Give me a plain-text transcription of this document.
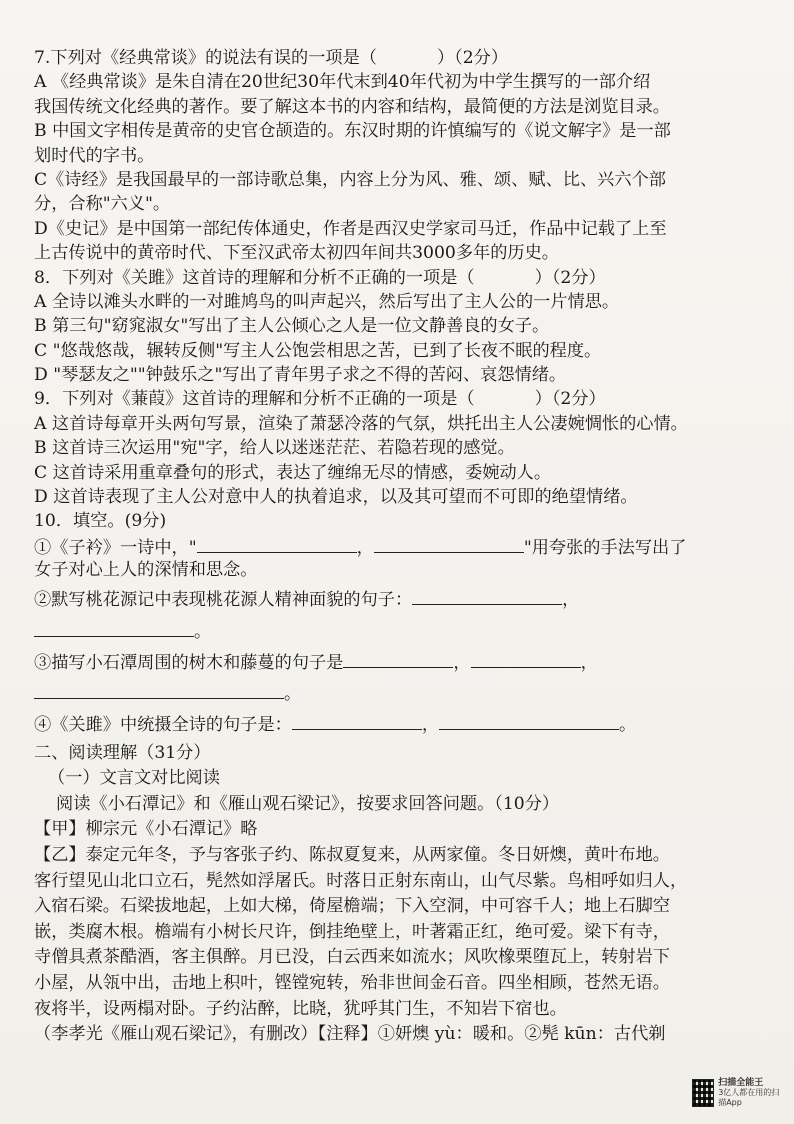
7.下列对《经典常谈》的说法有误的一项是（	）（2分）
A 《经典常谈》是朱自清在20世纪30年代末到40年代初为中学生撰写的一部介绍
我国传统文化经典的著作。要了解这本书的内容和结构，最简便的方法是浏览目录。
B 中国文字相传是黄帝的史官仓颉造的。东汉时期的许慎编写的《说文解字》是一部
划时代的字书。
C《诗经》是我国最早的一部诗歌总集，内容上分为风、雅、颂、赋、比、兴六个部
分，合称"六义"。
D《史记》是中国第一部纪传体通史，作者是西汉史学家司马迁，作品中记载了上至
上古传说中的黄帝时代、下至汉武帝太初四年间共3000多年的历史。
8．下列对《关雎》这首诗的理解和分析不正确的一项是（	）（2分）
A 全诗以滩头水畔的一对雎鸠鸟的叫声起兴，然后写出了主人公的一片情思。
B 第三句"窈窕淑女"写出了主人公倾心之人是一位文静善良的女子。
C "悠哉悠哉，辗转反侧"写主人公饱尝相思之苦，已到了长夜不眠的程度。
D "琴瑟友之""钟鼓乐之"写出了青年男子求之不得的苦闷、哀怨情绪。
9．下列对《蒹葭》这首诗的理解和分析不正确的一项是（	）（2分）
A 这首诗每章开头两句写景，渲染了萧瑟冷落的气氛，烘托出主人公凄婉惆怅的心情。
B 这首诗三次运用"宛"字，给人以迷迷茫茫、若隐若现的感觉。
C 这首诗采用重章叠句的形式，表达了缠绵无尽的情感，委婉动人。
D 这首诗表现了主人公对意中人的执着追求，以及其可望而不可即的绝望情绪。
10．填空。(9分)
①《子衿》一诗中，"	，	"用夸张的手法写出了
女子对心上人的深情和思念。
②默写桃花源记中表现桃花源人精神面貌的句子：	，
。
③描写小石潭周围的树木和藤蔓的句子是	，	，
。
④《关雎》中统摄全诗的句子是：	，	。
二、阅读理解（31分）
（一）文言文对比阅读
阅读《小石潭记》和《雁山观石梁记》，按要求回答问题。（10分）
【甲】柳宗元《小石潭记》略
【乙】泰定元年冬，予与客张子约、陈叔夏复来，从两家僮。冬日妍燠，黄叶布地。
客行望见山北口立石，髡然如浮屠氏。时落日正射东南山，山气尽紫。鸟相呼如归人，
入宿石梁。石梁拔地起，上如大梯，倚屋檐端；下入空洞，中可容千人；地上石脚空
嵌，类腐木根。檐端有小树长尺许，倒挂绝壁上，叶著霜正红，绝可爱。梁下有寺，
寺僧具煮茶酷酒，客主俱醉。月已没，白云西来如流水；风吹橡栗堕瓦上，转射岩下
小屋，从瓴中出，击地上积叶，铿镗宛转，殆非世间金石音。四坐相顾，苍然无语。
夜将半，设两榻对卧。子约沾醉，比晓，犹呼其门生，不知岩下宿也。
（李孝光《雁山观石梁记》，有删改）【注释】①妍燠 yù：暖和。②髡 kūn：古代剃
扫描全能王
3亿人都在用的扫描App
